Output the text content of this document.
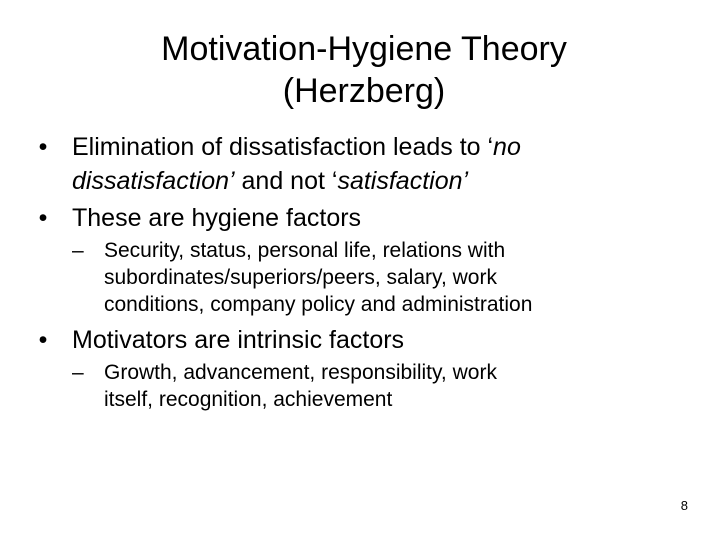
Motivation-Hygiene Theory
(Herzberg)
• Elimination of dissatisfaction leads to ‘no
dissatisfaction’ and not ‘satisfaction’
• These are hygiene factors
– Security, status, personal life, relations with
subordinates/superiors/peers, salary, work
conditions, company policy and administration
• Motivators are intrinsic factors
– Growth, advancement, responsibility, work
itself, recognition, achievement
8
